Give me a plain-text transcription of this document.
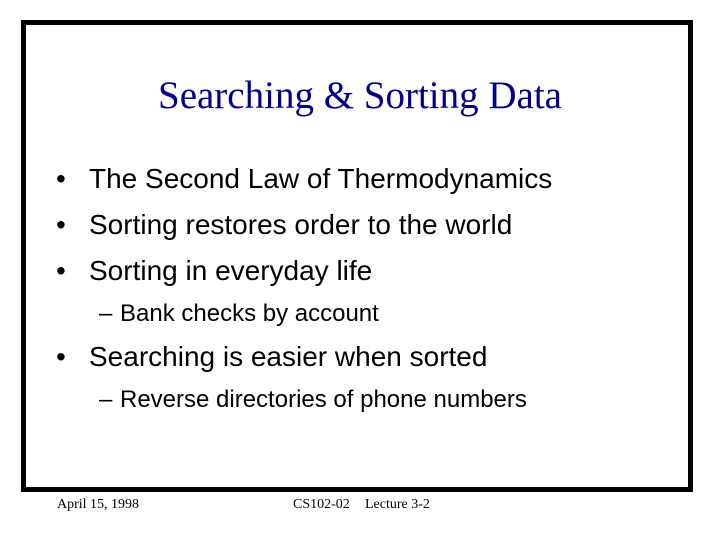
Searching & Sorting Data
• The Second Law of Thermodynamics
• Sorting restores order to the world
• Sorting in everyday life
– Bank checks by account
• Searching is easier when sorted
– Reverse directories of phone numbers
April 15, 1998	CS102-02 Lecture 3-2
